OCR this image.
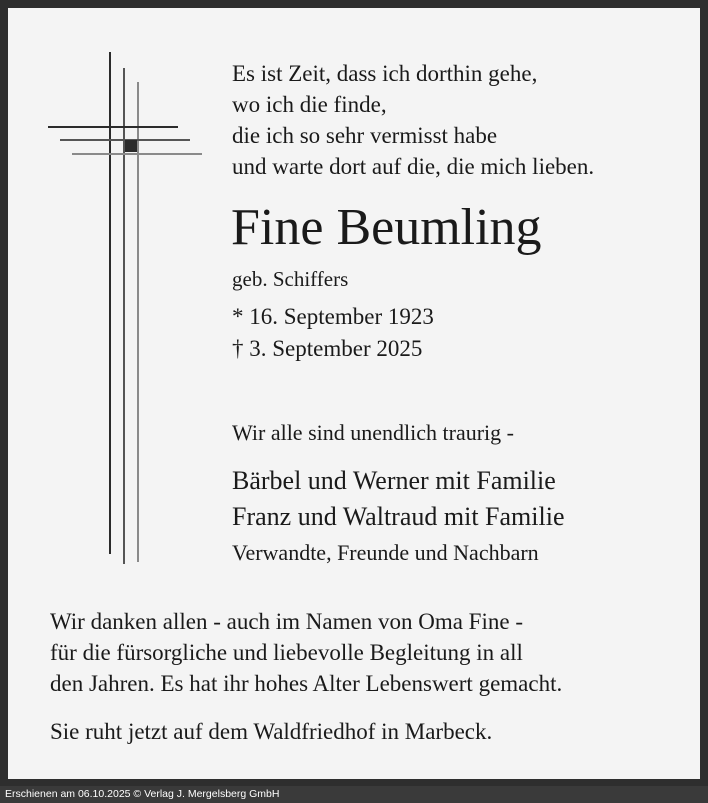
Es ist Zeit, dass ich dorthin gehe,
wo ich die finde,
die ich so sehr vermisst habe
und warte dort auf die, die mich lieben.
Fine Beumling
geb. Schiffers
* 16. September 1923
† 3. September 2025
Wir alle sind unendlich traurig -
Bärbel und Werner mit Familie
Franz und Waltraud mit Familie
Verwandte, Freunde und Nachbarn
Wir danken allen - auch im Namen von Oma Fine -
für die fürsorgliche und liebevolle Begleitung in all
den Jahren. Es hat ihr hohes Alter Lebenswert gemacht.
Sie ruht jetzt auf dem Waldfriedhof in Marbeck.
Erschienen am 06.10.2025 © Verlag J. Mergelsberg GmbH
